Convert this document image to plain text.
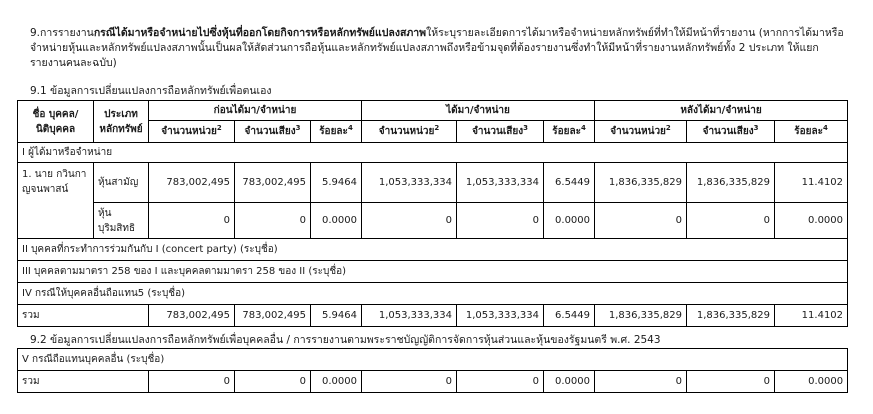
9.การรายงานกรณีได้มาหรือจำหน่ายไปซึ่งหุ้นที่ออกโดยกิจการหรือหลักทรัพย์แปลงสภาพให้ระบุรายละเอียดการได้มาหรือจำหน่ายหลักทรัพย์ที่ทำให้มีหน้าที่รายงาน (หากการได้มาหรือจำหน่ายหุ้นและหลักทรัพย์แปลงสภาพนั้นเป็นผลให้สัดส่วนการถือหุ้นและหลักทรัพย์แปลงสภาพถึงหรือข้ามจุดที่ต้องรายงานซึ่งทำให้มีหน้าที่รายงานหลักทรัพย์ทั้ง 2 ประเภท ให้แยกรายงานคนละฉบับ)
9.1 ข้อมูลการเปลี่ยนแปลงการถือหลักทรัพย์เพื่อตนเอง
ชื่อ บุคคล/นิติบุคคล	ประเภท หลักทรัพย์	ก่อนได้มา/จำหน่าย			ได้มา/จำหน่าย			หลังได้มา/จำหน่าย		
		จำนวนหน่วย$^2$	จำนวนเสียง$^3$	ร้อยละ$^4$	จำนวนหน่วย$^2$	จำนวนเสียง$^3$	ร้อยละ$^4$	จำนวนหน่วย$^2$	จำนวนเสียง$^3$	ร้อยละ$^4$
I ผู้ได้มาหรือจำหน่าย										
1. นาย กวินกา ญจนพาสน์	หุ้นสามัญ	783,002,495	783,002,495	5.9464	1,053,333,334	1,053,333,334	6.5449	1,836,335,829	1,836,335,829	11.4102
	หุ้นบุริมสิทธิ	0	0	0.0000	0	0	0.0000	0	0	0.0000
II บุคคลที่กระทำการร่วมกันกับ I (concert party) (ระบุชื่อ)										
III บุคคลตามมาตรา 258 ของ I และบุคคลตามมาตรา 258 ของ II (ระบุชื่อ)										
IV กรณีให้บุคคลอื่นถือแทน5 (ระบุชื่อ)										
รวม		783,002,495	783,002,495	5.9464	1,053,333,334	1,053,333,334	6.5449	1,836,335,829	1,836,335,829	11.4102
9.2 ข้อมูลการเปลี่ยนแปลงการถือหลักทรัพย์เพื่อบุคคลอื่น / การรายงานตามพระราชบัญญัติการจัดการหุ้นส่วนและหุ้นของรัฐมนตรี พ.ศ. 2543
V กรณีถือแทนบุคคลอื่น (ระบุชื่อ)
รวม	0	0	0.0000	0	0	0.0000	0	0	0.0000
